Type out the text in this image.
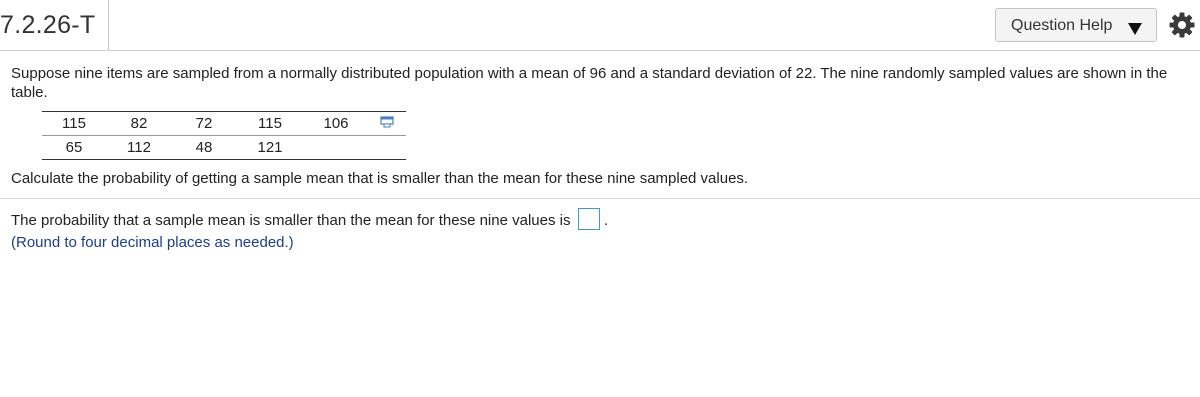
7.2.26-T	Question Help
Suppose nine items are sampled from a normally distributed population with a mean of 96 and a standard deviation of 22. The nine randomly sampled values are shown in the table.
115	82	72	115	106	
65	112	48	121		
Calculate the probability of getting a sample mean that is smaller than the mean for these nine sampled values.
The probability that a sample mean is smaller than the mean for these nine values is .
(Round to four decimal places as needed.)
